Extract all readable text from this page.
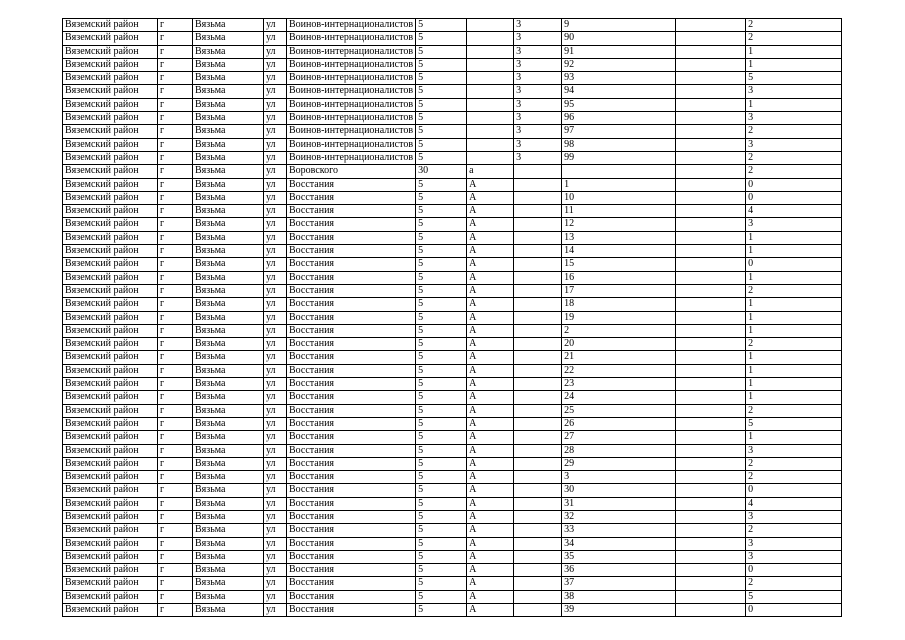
Вяземский район	г	Вязьма	ул	Воинов-интернационалистов	5		3	9		2
Вяземский район	г	Вязьма	ул	Воинов-интернационалистов	5		3	90		2
Вяземский район	г	Вязьма	ул	Воинов-интернационалистов	5		3	91		1
Вяземский район	г	Вязьма	ул	Воинов-интернационалистов	5		3	92		1
Вяземский район	г	Вязьма	ул	Воинов-интернационалистов	5		3	93		5
Вяземский район	г	Вязьма	ул	Воинов-интернационалистов	5		3	94		3
Вяземский район	г	Вязьма	ул	Воинов-интернационалистов	5		3	95		1
Вяземский район	г	Вязьма	ул	Воинов-интернационалистов	5		3	96		3
Вяземский район	г	Вязьма	ул	Воинов-интернационалистов	5		3	97		2
Вяземский район	г	Вязьма	ул	Воинов-интернационалистов	5		3	98		3
Вяземский район	г	Вязьма	ул	Воинов-интернационалистов	5		3	99		2
Вяземский район	г	Вязьма	ул	Воровского	30	а				2
Вяземский район	г	Вязьма	ул	Восстания	5	А		1		0
Вяземский район	г	Вязьма	ул	Восстания	5	А		10		0
Вяземский район	г	Вязьма	ул	Восстания	5	А		11		4
Вяземский район	г	Вязьма	ул	Восстания	5	А		12		3
Вяземский район	г	Вязьма	ул	Восстания	5	А		13		1
Вяземский район	г	Вязьма	ул	Восстания	5	А		14		1
Вяземский район	г	Вязьма	ул	Восстания	5	А		15		0
Вяземский район	г	Вязьма	ул	Восстания	5	А		16		1
Вяземский район	г	Вязьма	ул	Восстания	5	А		17		2
Вяземский район	г	Вязьма	ул	Восстания	5	А		18		1
Вяземский район	г	Вязьма	ул	Восстания	5	А		19		1
Вяземский район	г	Вязьма	ул	Восстания	5	А		2		1
Вяземский район	г	Вязьма	ул	Восстания	5	А		20		2
Вяземский район	г	Вязьма	ул	Восстания	5	А		21		1
Вяземский район	г	Вязьма	ул	Восстания	5	А		22		1
Вяземский район	г	Вязьма	ул	Восстания	5	А		23		1
Вяземский район	г	Вязьма	ул	Восстания	5	А		24		1
Вяземский район	г	Вязьма	ул	Восстания	5	А		25		2
Вяземский район	г	Вязьма	ул	Восстания	5	А		26		5
Вяземский район	г	Вязьма	ул	Восстания	5	А		27		1
Вяземский район	г	Вязьма	ул	Восстания	5	А		28		3
Вяземский район	г	Вязьма	ул	Восстания	5	А		29		2
Вяземский район	г	Вязьма	ул	Восстания	5	А		3		2
Вяземский район	г	Вязьма	ул	Восстания	5	А		30		0
Вяземский район	г	Вязьма	ул	Восстания	5	А		31		4
Вяземский район	г	Вязьма	ул	Восстания	5	А		32		3
Вяземский район	г	Вязьма	ул	Восстания	5	А		33		2
Вяземский район	г	Вязьма	ул	Восстания	5	А		34		3
Вяземский район	г	Вязьма	ул	Восстания	5	А		35		3
Вяземский район	г	Вязьма	ул	Восстания	5	А		36		0
Вяземский район	г	Вязьма	ул	Восстания	5	А		37		2
Вяземский район	г	Вязьма	ул	Восстания	5	А		38		5
Вяземский район	г	Вязьма	ул	Восстания	5	А		39		0
